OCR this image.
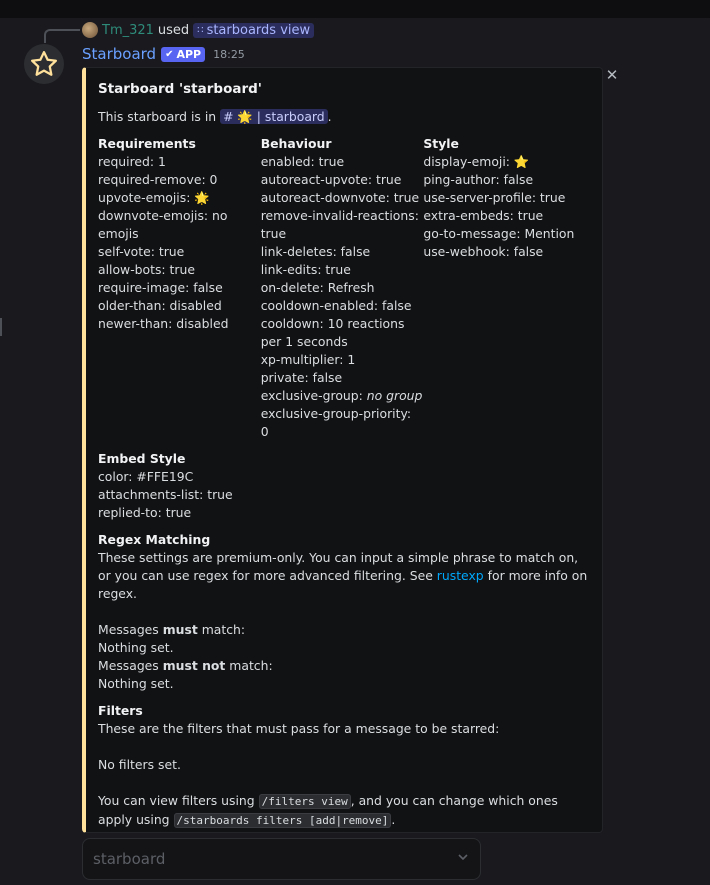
Tm_321 used ∷ starboards view
Starboard ✔ APP 18:25
Starboard 'starboard'
This starboard is in # 🌟 | starboard .
Requirements
required: 1
required-remove: 0
upvote-emojis: 🌟
downvote-emojis: no
emojis
self-vote: true
allow-bots: true
require-image: false
older-than: disabled
newer-than: disabled
Behaviour
enabled: true
autoreact-upvote: true
autoreact-downvote: true
remove-invalid-reactions:
true
link-deletes: false
link-edits: true
on-delete: Refresh
cooldown-enabled: false
cooldown: 10 reactions
per 1 seconds
xp-multiplier: 1
private: false
exclusive-group: no group
exclusive-group-priority:
0
Style
display-emoji: ⭐
ping-author: false
use-server-profile: true
extra-embeds: true
go-to-message: Mention
use-webhook: false
Embed Style
color: #FFE19C
attachments-list: true
replied-to: true
Regex Matching
These settings are premium-only. You can input a simple phrase to match on, or you can use regex for more advanced filtering. See rustexp for more info on regex.
Messages must match:
Nothing set.
Messages must not match:
Nothing set.
Filters
These are the filters that must pass for a message to be starred:
No filters set.
You can view filters using /filters view , and you can change which ones apply using /starboards filters [add|remove] .
✕
starboard
